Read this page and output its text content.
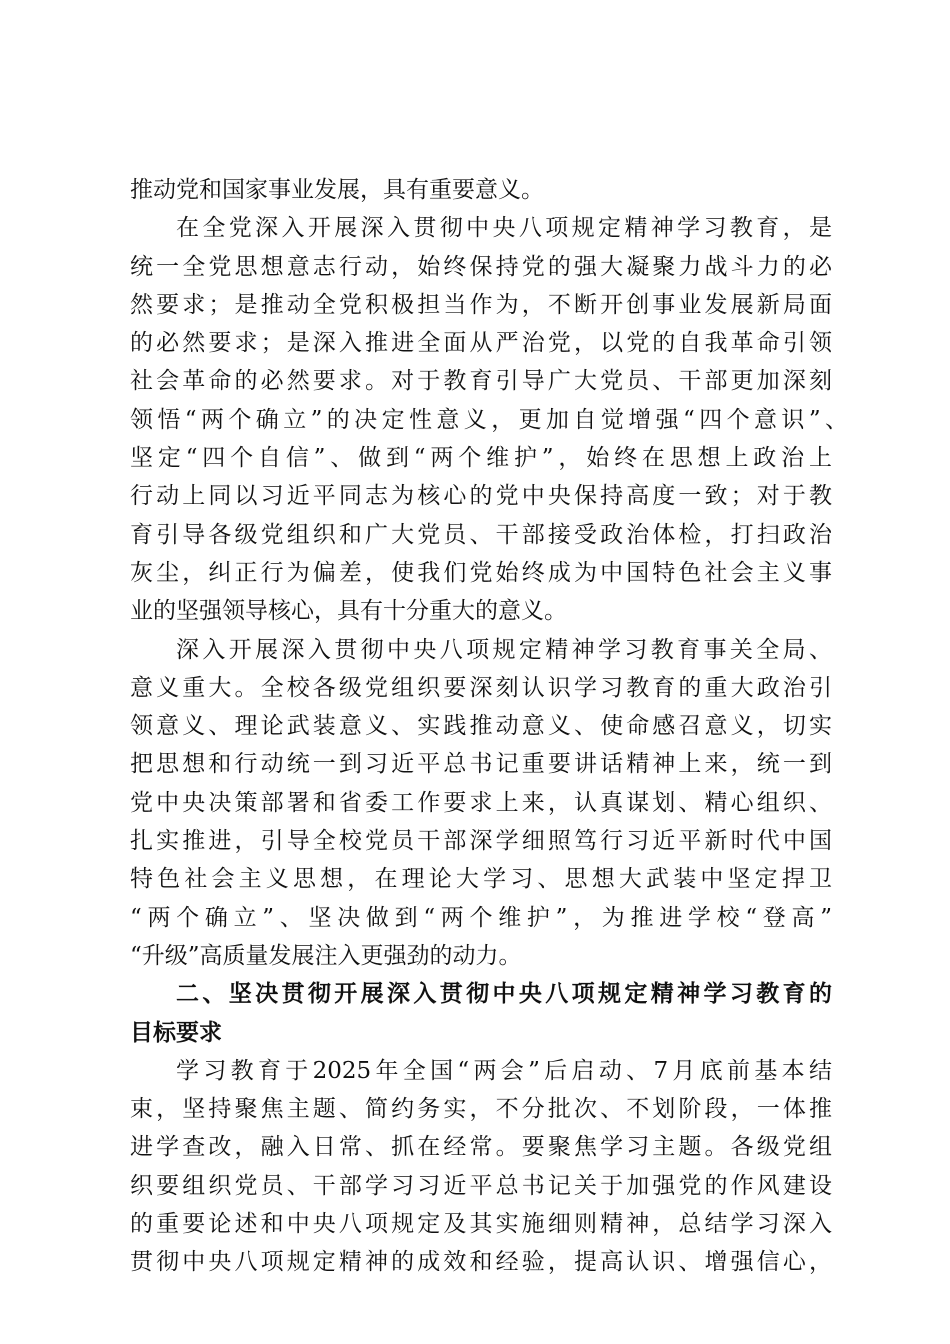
推动党和国家事业发展，具有重要意义。
在全党深入开展深入贯彻中央八项规定精神学习教育，是
统一全党思想意志行动，始终保持党的强大凝聚力战斗力的必
然要求；是推动全党积极担当作为，不断开创事业发展新局面
的必然要求；是深入推进全面从严治党，以党的自我革命引领
社会革命的必然要求。对于教育引导广大党员、干部更加深刻
领悟“两个确立”的决定性意义，更加自觉增强“四个意识”、
坚定“四个自信”、做到“两个维护”，始终在思想上政治上
行动上同以习近平同志为核心的党中央保持高度一致；对于教
育引导各级党组织和广大党员、干部接受政治体检，打扫政治
灰尘，纠正行为偏差，使我们党始终成为中国特色社会主义事
业的坚强领导核心，具有十分重大的意义。
深入开展深入贯彻中央八项规定精神学习教育事关全局、
意义重大。全校各级党组织要深刻认识学习教育的重大政治引
领意义、理论武装意义、实践推动意义、使命感召意义，切实
把思想和行动统一到习近平总书记重要讲话精神上来，统一到
党中央决策部署和省委工作要求上来，认真谋划、精心组织、
扎实推进，引导全校党员干部深学细照笃行习近平新时代中国
特色社会主义思想，在理论大学习、思想大武装中坚定捍卫
“两个确立”、坚决做到“两个维护”，为推进学校“登高”
“升级”高质量发展注入更强劲的动力。
二、坚决贯彻开展深入贯彻中央八项规定精神学习教育的
目标要求
学习教育于2025年全国“两会”后启动、7月底前基本结
束，坚持聚焦主题、简约务实，不分批次、不划阶段，一体推
进学查改，融入日常、抓在经常。要聚焦学习主题。各级党组
织要组织党员、干部学习习近平总书记关于加强党的作风建设
的重要论述和中央八项规定及其实施细则精神，总结学习深入
贯彻中央八项规定精神的成效和经验，提高认识、增强信心，
